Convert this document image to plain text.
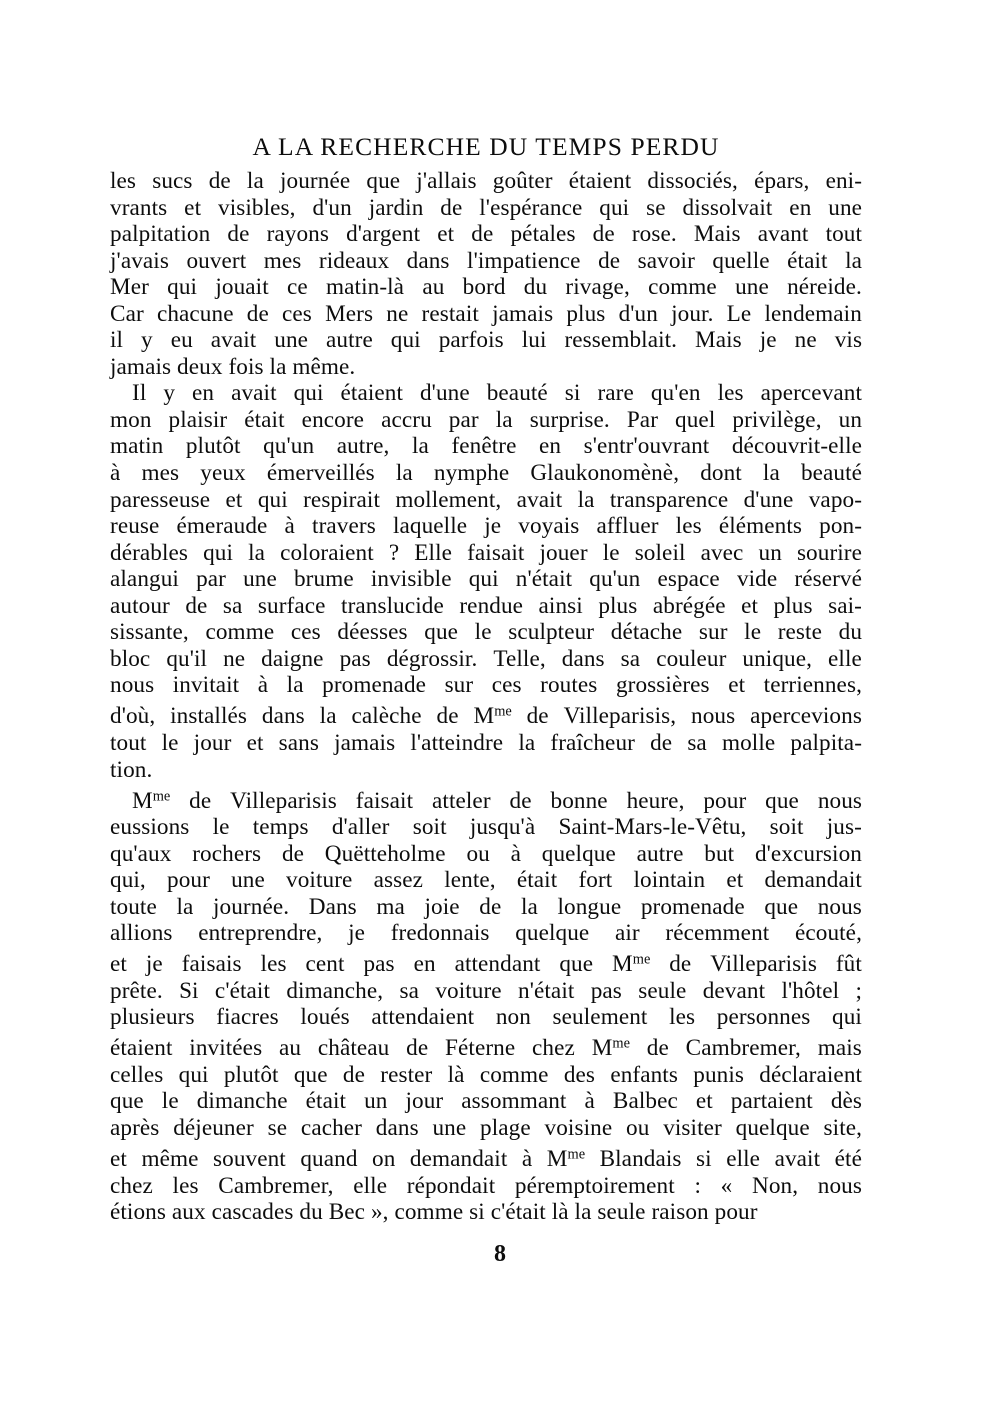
A LA RECHERCHE DU TEMPS PERDU

les sucs de la journée que j'allais goûter étaient dissociés, épars, eni-
vrants et visibles, d'un jardin de l'espérance qui se dissolvait en une
palpitation de rayons d'argent et de pétales de rose. Mais avant tout
j'avais ouvert mes rideaux dans l'impatience de savoir quelle était la
Mer qui jouait ce matin-là au bord du rivage, comme une néreide.
Car chacune de ces Mers ne restait jamais plus d'un jour. Le lendemain
il y eu avait une autre qui parfois lui ressemblait. Mais je ne vis
jamais deux fois la même.

Il y en avait qui étaient d'une beauté si rare qu'en les apercevant
mon plaisir était encore accru par la surprise. Par quel privilège, un
matin plutôt qu'un autre, la fenêtre en s'entr'ouvrant découvrit-elle
à mes yeux émerveillés la nymphe Glaukonomènè, dont la beauté
paresseuse et qui respirait mollement, avait la transparence d'une vapo-
reuse émeraude à travers laquelle je voyais affluer les éléments pon-
dérables qui la coloraient ? Elle faisait jouer le soleil avec un sourire
alangui par une brume invisible qui n'était qu'un espace vide réservé
autour de sa surface translucide rendue ainsi plus abrégée et plus sai-
sissante, comme ces déesses que le sculpteur détache sur le reste du
bloc qu'il ne daigne pas dégrossir. Telle, dans sa couleur unique, elle
nous invitait à la promenade sur ces routes grossières et terriennes,
d'où, installés dans la calèche de $M^{me}$ de Villeparisis, nous apercevions
tout le jour et sans jamais l'atteindre la fraîcheur de sa molle palpita-
tion.

$M^{me}$ de Villeparisis faisait atteler de bonne heure, pour que nous
eussions le temps d'aller soit jusqu'à Saint-Mars-le-Vêtu, soit jus-
qu'aux rochers de Quëtteholme ou à quelque autre but d'excursion
qui, pour une voiture assez lente, était fort lointain et demandait
toute la journée. Dans ma joie de la longue promenade que nous
allions entreprendre, je fredonnais quelque air récemment écouté,
et je faisais les cent pas en attendant que $M^{me}$ de Villeparisis fût
prête. Si c'était dimanche, sa voiture n'était pas seule devant l'hôtel ;
plusieurs fiacres loués attendaient non seulement les personnes qui
étaient invitées au château de Féterne chez $M^{me}$ de Cambremer, mais
celles qui plutôt que de rester là comme des enfants punis déclaraient
que le dimanche était un jour assommant à Balbec et partaient dès
après déjeuner se cacher dans une plage voisine ou visiter quelque site,
et même souvent quand on demandait à $M^{me}$ Blandais si elle avait été
chez les Cambremer, elle répondait péremptoirement : « Non, nous
étions aux cascades du Bec », comme si c'était là la seule raison pour

8
